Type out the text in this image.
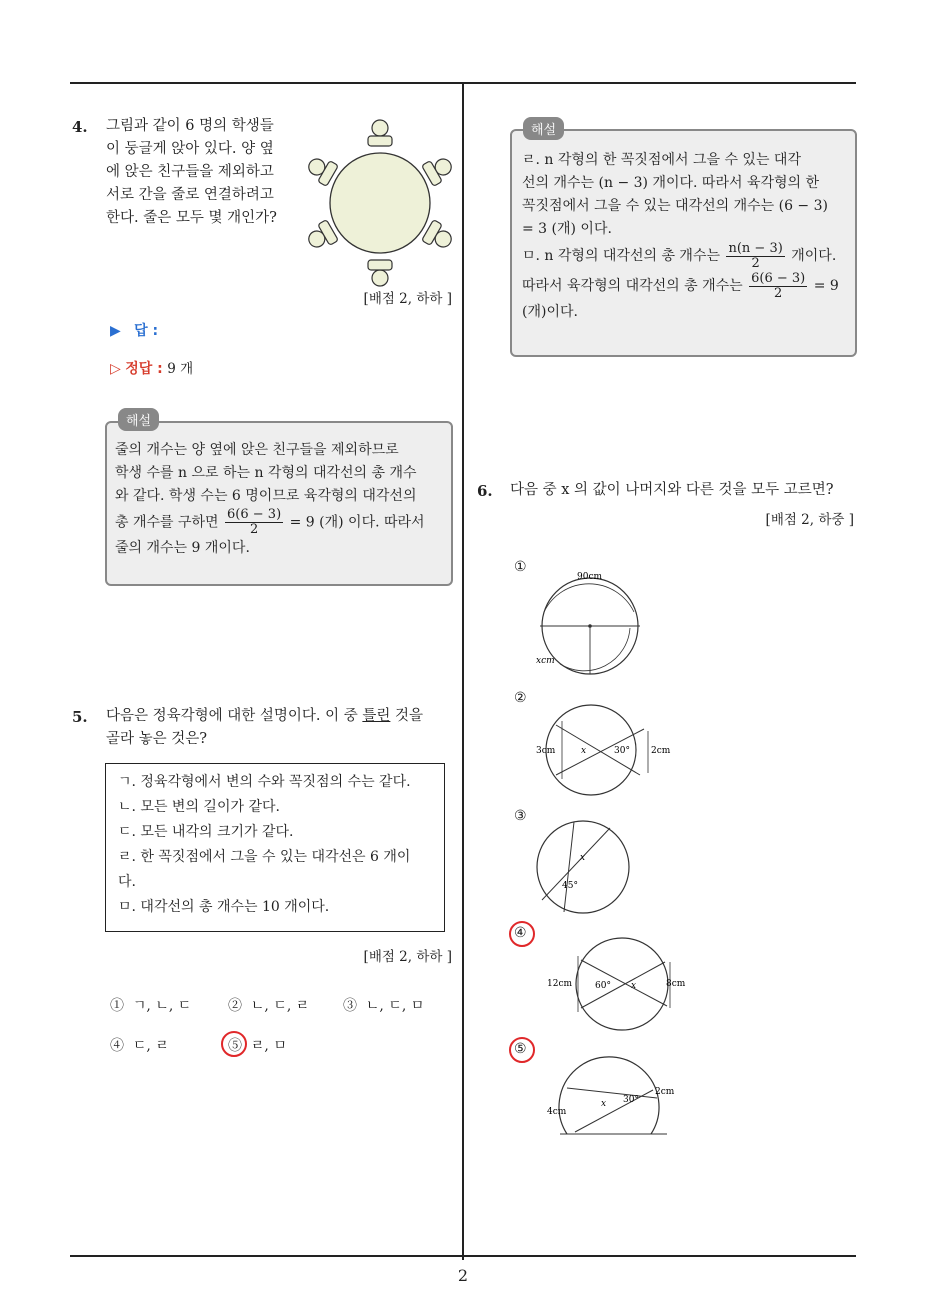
4. 그림과 같이 6 명의 학생들
이 둥글게 앉아 있다. 양 옆
에 앉은 친구들을 제외하고
서로 간을 줄로 연결하려고
한다. 줄은 모두 몇 개인가?
[배점 2, 하하 ]
▶ 답 :
▷ 정답 : 9 개
해설
줄의 개수는 양 옆에 앉은 친구들을 제외하므로
학생 수를 n 으로 하는 n 각형의 대각선의 총 개수
와 같다. 학생 수는 6 명이므로 육각형의 대각선의
총 개수를 구하면 $\frac{6(6 - 3)}{2} = 9$ (개) 이다. 따라서
줄의 개수는 9 개이다.
5. 다음은 정육각형에 대한 설명이다. 이 중 틀린 것을
골라 놓은 것은?
ㄱ. 정육각형에서 변의 수와 꼭짓점의 수는 같다.
ㄴ. 모든 변의 길이가 같다.
ㄷ. 모든 내각의 크기가 같다.
ㄹ. 한 꼭짓점에서 그을 수 있는 대각선은 6 개이
다.
ㅁ. 대각선의 총 개수는 10 개이다.
[배점 2, 하하 ]
① ㄱ, ㄴ, ㄷ	② ㄴ, ㄷ, ㄹ ③ ㄴ, ㄷ, ㅁ
④ ㄷ, ㄹ	⑤ ㄹ, ㅁ
해설
ㄹ. n 각형의 한 꼭짓점에서 그을 수 있는 대각
선의 개수는 (n − 3) 개이다. 따라서 육각형의 한
꼭짓점에서 그을 수 있는 대각선의 개수는 (6 − 3)
= 3 (개) 이다.
ㅁ. n 각형의 대각선의 총 개수는 $\frac{n(n - 3)}{2}$ 개이다.
따라서 육각형의 대각선의 총 개수는 $\frac{6(6 - 3)}{2} = 9$
(개)이다.
6. 다음 중 x 의 값이 나머지와 다른 것을 모두 고르면?
[배점 2, 하중 ]
①
90cm
xcm
②
3cm	x	30° 2cm
③
x
45°
④
12cm	60° x	8cm
⑤
2cm
x 30°
4cm
2
